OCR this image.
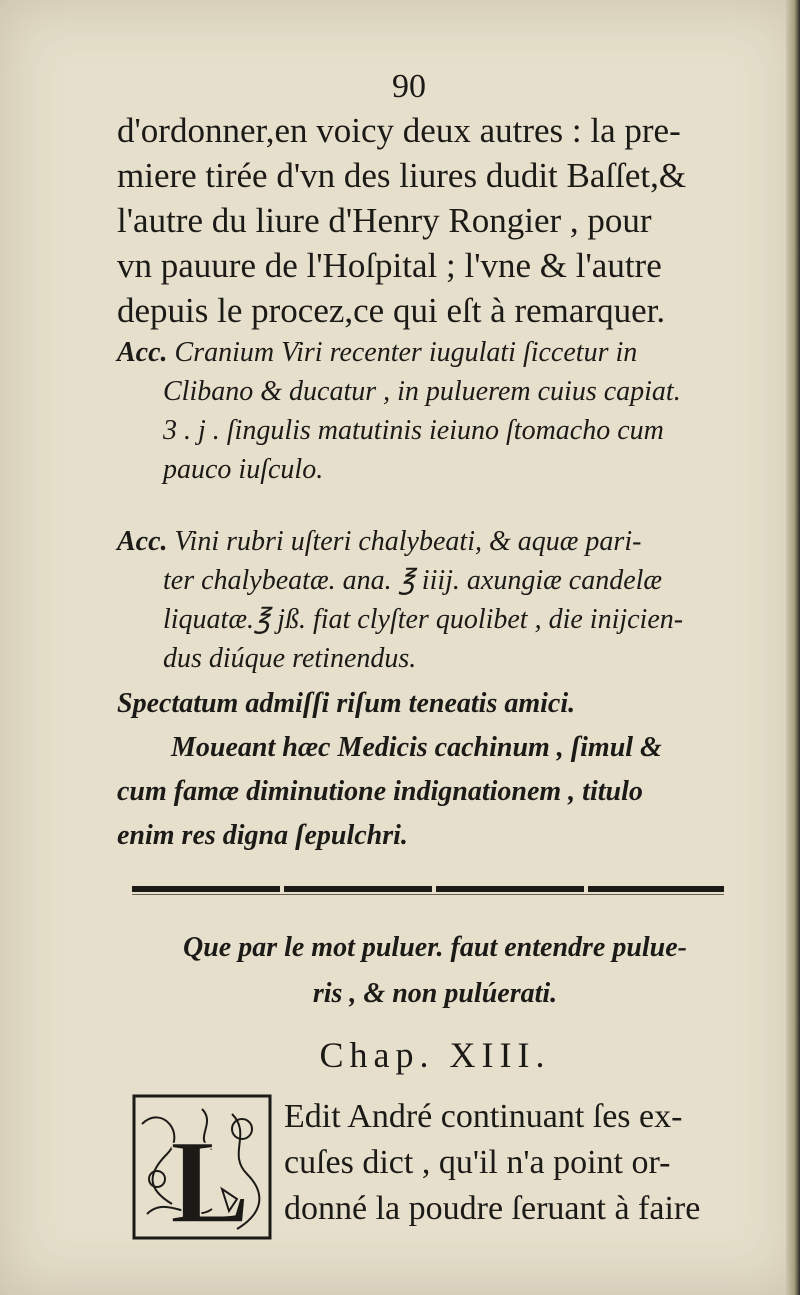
90
d'ordonner,en voicy deux autres : la pre-
miere tirée d'vn des liures dudit Baſſet,&
l'autre du liure d'Henry Rongier , pour
vn pauure de l'Hoſpital ; l'vne & l'autre
depuis le procez,ce qui eſt à remarquer.
Acc. Cranium Viri recenter iugulati ſiccetur in
Clibano & ducatur , in puluerem cuius capiat.
3 . j . ſingulis matutinis ieiuno ſtomacho cum
pauco iuſculo.
Acc. Vini rubri uſteri chalybeati, & aquæ pari-
ter chalybeatæ. ana. ℥ iiij. axungiæ candelæ
liquatæ.℥ jß. fiat clyſter quolibet , die inijcien-
dus diúque retinendus.
Spectatum admiſſi riſum teneatis amici.
Moueant hæc Medicis cachinum , ſimul &
cum famæ diminutione indignationem , titulo
enim res digna ſepulchri.
Que par le mot puluer. faut entendre pulue-
ris , & non pulúerati.
Chap. XIII.
L Edit André continuant ſes ex-
cuſes dict , qu'il n'a point or-
donné la poudre ſeruant à faire
